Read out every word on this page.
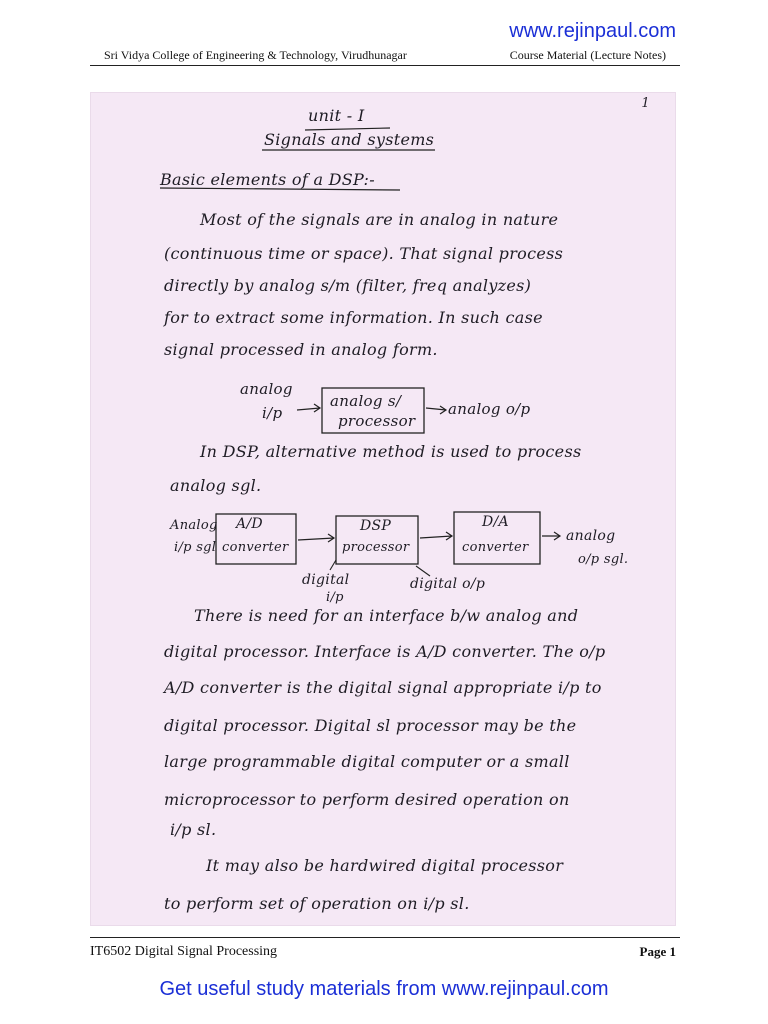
www.rejinpaul.com
Sri Vidya College of Engineering & Technology, Virudhunagar	Course Material (Lecture Notes)
1
unit - I
Signals and systems
Basic elements of a DSP:-
Most of the signals are in analog in nature
(continuous time or space). That signal process
directly by analog s/m (filter, freq analyzes)
for to extract some information. In such case
signal processed in analog form.
analog
i/p
analog s/
processor
analog o/p
In DSP, alternative method is used to process
analog sgl.
Analog
i/p sgl
A/D
converter
DSP
processor
D/A
converter
analog
o/p sgl.
digital
i/p
digital o/p
There is need for an interface b/w analog and
digital processor. Interface is A/D converter. The o/p
A/D converter is the digital signal appropriate i/p to
digital processor. Digital sl processor may be the
large programmable digital computer or a small
microprocessor to perform desired operation on
i/p sl.
It may also be hardwired digital processor
to perform set of operation on i/p sl.
IT6502 Digital Signal Processing	Page 1
Get useful study materials from www.rejinpaul.com
